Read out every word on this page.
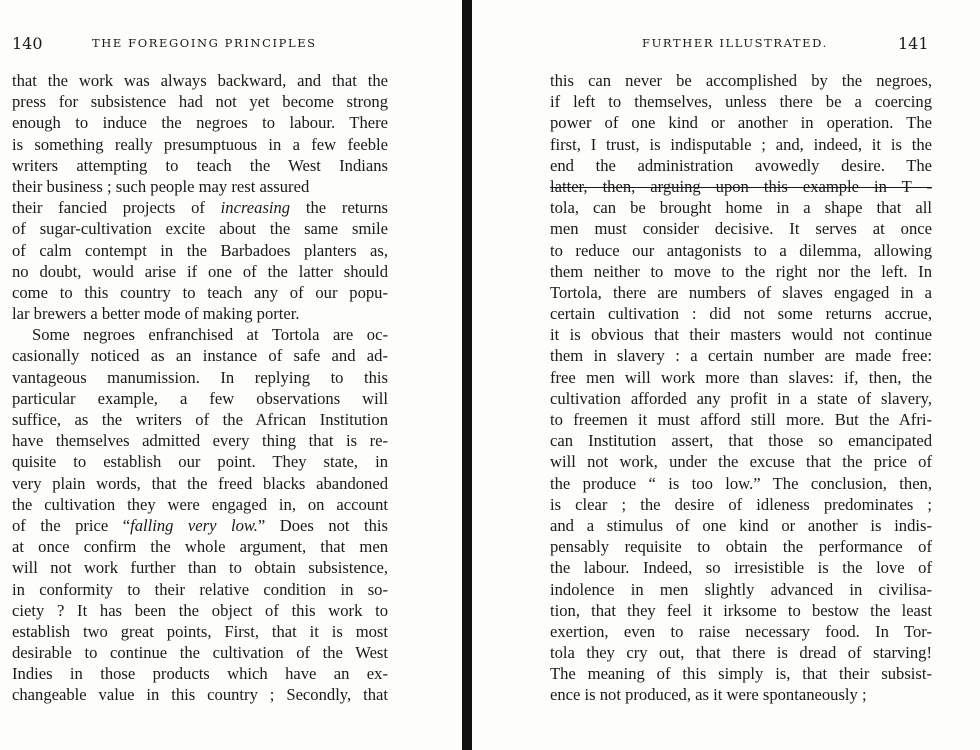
140	THE FOREGOING PRINCIPLES
that the work was always backward, and that the
press for subsistence had not yet become strong
enough to induce the negroes to labour. There
is something really presumptuous in a few feeble
writers attempting to teach the West Indians
their business ; such people may rest assured
their fancied projects of increasing the returns
of sugar-cultivation excite about the same smile
of calm contempt in the Barbadoes planters as,
no doubt, would arise if one of the latter should
come to this country to teach any of our popu-
lar brewers a better mode of making porter.
Some negroes enfranchised at Tortola are oc-
casionally noticed as an instance of safe and ad-
vantageous manumission. In replying to this
particular example, a few observations will
suffice, as the writers of the African Institution
have themselves admitted every thing that is re-
quisite to establish our point. They state, in
very plain words, that the freed blacks abandoned
the cultivation they were engaged in, on account
of the price “falling very low.” Does not this
at once confirm the whole argument, that men
will not work further than to obtain subsistence,
in conformity to their relative condition in so-
ciety ? It has been the object of this work to
establish two great points, First, that it is most
desirable to continue the cultivation of the West
Indies in those products which have an ex-
changeable value in this country ; Secondly, that
FURTHER ILLUSTRATED.	141
this can never be accomplished by the negroes,
if left to themselves, unless there be a coercing
power of one kind or another in operation. The
first, I trust, is indisputable ; and, indeed, it is the
end the administration avowedly desire. The
latter, then, arguing upon this example in T -
tola, can be brought home in a shape that all
men must consider decisive. It serves at once
to reduce our antagonists to a dilemma, allowing
them neither to move to the right nor the left. In
Tortola, there are numbers of slaves engaged in a
certain cultivation : did not some returns accrue,
it is obvious that their masters would not continue
them in slavery : a certain number are made free:
free men will work more than slaves: if, then, the
cultivation afforded any profit in a state of slavery,
to freemen it must afford still more. But the Afri-
can Institution assert, that those so emancipated
will not work, under the excuse that the price of
the produce “ is too low.” The conclusion, then,
is clear ; the desire of idleness predominates ;
and a stimulus of one kind or another is indis-
pensably requisite to obtain the performance of
the labour. Indeed, so irresistible is the love of
indolence in men slightly advanced in civilisa-
tion, that they feel it irksome to bestow the least
exertion, even to raise necessary food. In Tor-
tola they cry out, that there is dread of starving!
The meaning of this simply is, that their subsist-
ence is not produced, as it were spontaneously ;
